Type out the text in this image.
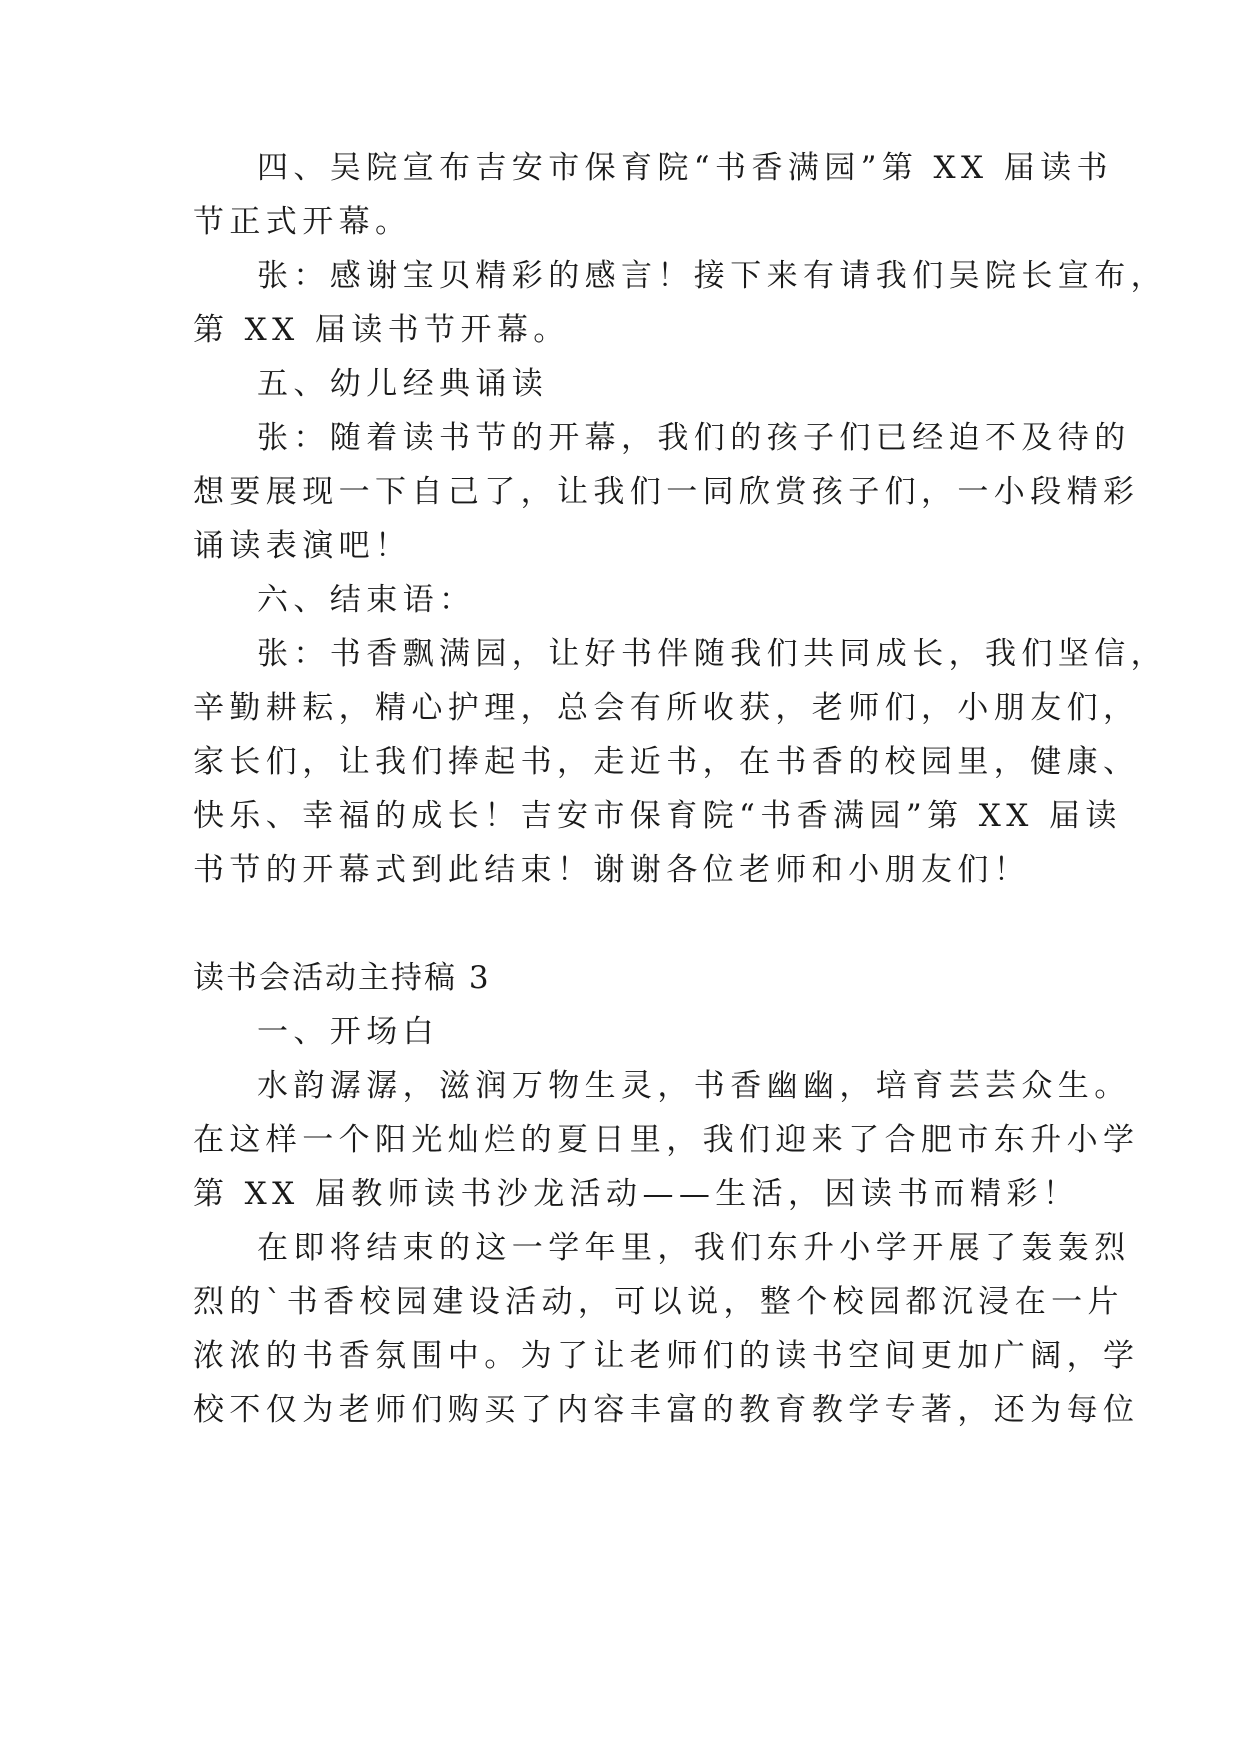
四、吴院宣布吉安市保育院“书香满园”第 XX 届读书
节正式开幕。
张：感谢宝贝精彩的感言！接下来有请我们吴院长宣布，
第 XX 届读书节开幕。
五、幼儿经典诵读
张：随着读书节的开幕，我们的孩子们已经迫不及待的
想要展现一下自己了，让我们一同欣赏孩子们，一小段精彩
诵读表演吧！
六、结束语：
张：书香飘满园，让好书伴随我们共同成长，我们坚信，
辛勤耕耘，精心护理，总会有所收获，老师们，小朋友们，
家长们，让我们捧起书，走近书，在书香的校园里，健康、
快乐、幸福的成长！吉安市保育院“书香满园”第 XX 届读
书节的开幕式到此结束！谢谢各位老师和小朋友们！
读书会活动主持稿 3
一、开场白
水韵潺潺，滋润万物生灵，书香幽幽，培育芸芸众生。
在这样一个阳光灿烂的夏日里，我们迎来了合肥市东升小学
第 XX 届教师读书沙龙活动——生活，因读书而精彩！
在即将结束的这一学年里，我们东升小学开展了轰轰烈
烈的`书香校园建设活动，可以说，整个校园都沉浸在一片
浓浓的书香氛围中。为了让老师们的读书空间更加广阔，学
校不仅为老师们购买了内容丰富的教育教学专著，还为每位
